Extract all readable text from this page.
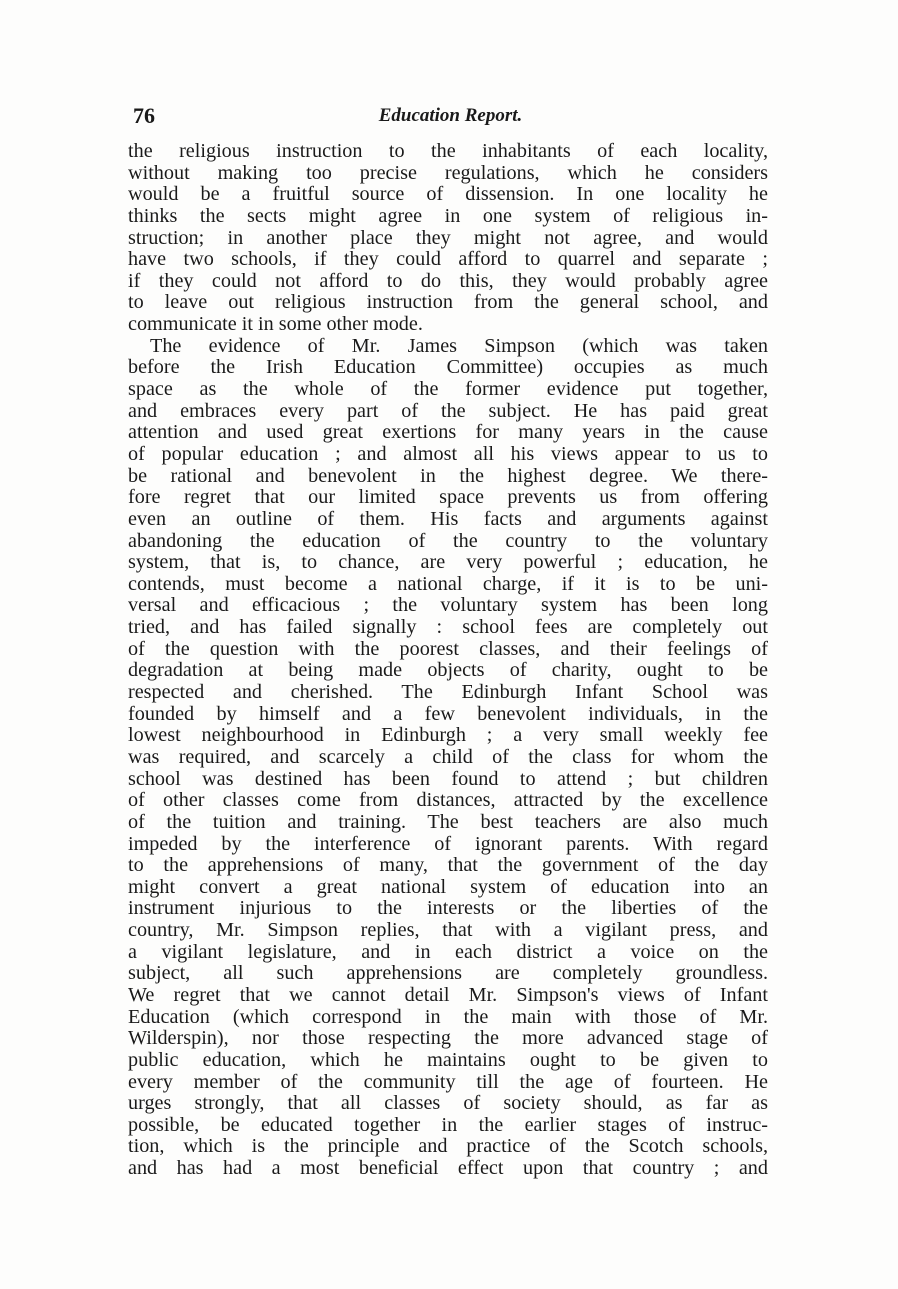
76	Education Report.
the religious instruction to the inhabitants of each locality,
without making too precise regulations, which he considers
would be a fruitful source of dissension. In one locality he
thinks the sects might agree in one system of religious in-
struction; in another place they might not agree, and would
have two schools, if they could afford to quarrel and separate ;
if they could not afford to do this, they would probably agree
to leave out religious instruction from the general school, and
communicate it in some other mode.
The evidence of Mr. James Simpson (which was taken
before the Irish Education Committee) occupies as much
space as the whole of the former evidence put together,
and embraces every part of the subject. He has paid great
attention and used great exertions for many years in the cause
of popular education ; and almost all his views appear to us to
be rational and benevolent in the highest degree. We there-
fore regret that our limited space prevents us from offering
even an outline of them. His facts and arguments against
abandoning the education of the country to the voluntary
system, that is, to chance, are very powerful ; education, he
contends, must become a national charge, if it is to be uni-
versal and efficacious ; the voluntary system has been long
tried, and has failed signally : school fees are completely out
of the question with the poorest classes, and their feelings of
degradation at being made objects of charity, ought to be
respected and cherished. The Edinburgh Infant School was
founded by himself and a few benevolent individuals, in the
lowest neighbourhood in Edinburgh ; a very small weekly fee
was required, and scarcely a child of the class for whom the
school was destined has been found to attend ; but children
of other classes come from distances, attracted by the excellence
of the tuition and training. The best teachers are also much
impeded by the interference of ignorant parents. With regard
to the apprehensions of many, that the government of the day
might convert a great national system of education into an
instrument injurious to the interests or the liberties of the
country, Mr. Simpson replies, that with a vigilant press, and
a vigilant legislature, and in each district a voice on the
subject, all such apprehensions are completely groundless.
We regret that we cannot detail Mr. Simpson's views of Infant
Education (which correspond in the main with those of Mr.
Wilderspin), nor those respecting the more advanced stage of
public education, which he maintains ought to be given to
every member of the community till the age of fourteen. He
urges strongly, that all classes of society should, as far as
possible, be educated together in the earlier stages of instruc-
tion, which is the principle and practice of the Scotch schools,
and has had a most beneficial effect upon that country ; and
